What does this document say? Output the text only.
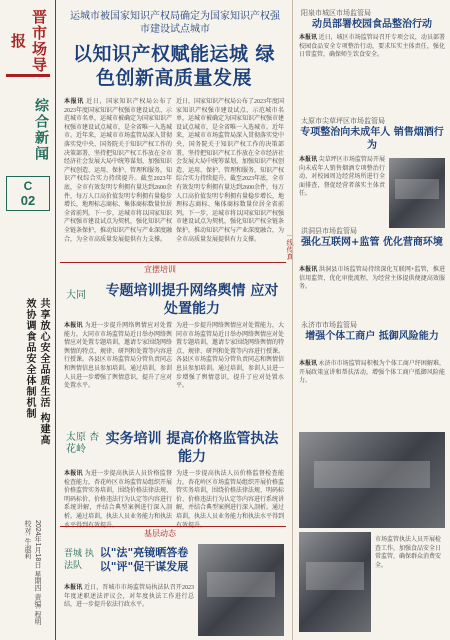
晋市场导报
综合新闻
C
02
共享放心安全品质生活 构建高效协调食品安全体制机制
2024年1月18日 星期四 责编: 程明 校对: 牛淑莉
运城市被国家知识产权局确定为国家知识产权强市建设试点城市
以知识产权赋能运城 绿色创新高质量发展
本报讯 近日，国家知识产权局公布了2023年度国家知识产权强市建设试点、示范城市名单，运城市被确定为国家知识产权强市建设试点城市，是全省唯一入选城市。近年来，运城市市场监管局深入贯彻落实党中央、国务院关于知识产权工作的决策部署，坚持把知识产权工作放在全市经济社会发展大局中统筹谋划，加强知识产权创造、运用、保护、管理和服务，知识产权综合实力持续提升。截至2023年底，全市有效发明专利拥有量达到2600余件，每万人口高价值发明专利拥有量稳步增长，地理标志商标、集体商标数量位居全省前列。下一步，运城市将以国家知识产权强市建设试点为契机，强化知识产权全链条保护，推动知识产权与产业深度融合，为全市高质量发展提供有力支撑。
近日，国家知识产权局公布了2023年度国家知识产权强市建设试点、示范城市名单，运城市被确定为国家知识产权强市建设试点城市，是全省唯一入选城市。近年来，运城市市场监管局深入贯彻落实党中央、国务院关于知识产权工作的决策部署，坚持把知识产权工作放在全市经济社会发展大局中统筹谋划，加强知识产权创造、运用、保护、管理和服务，知识产权综合实力持续提升。截至2023年底，全市有效发明专利拥有量达到2600余件，每万人口高价值发明专利拥有量稳步增长，地理标志商标、集体商标数量位居全省前列。下一步，运城市将以国家知识产权强市建设试点为契机，强化知识产权全链条保护，推动知识产权与产业深度融合，为全市高质量发展提供有力支撑。
大同	专题培训提升网络舆情 应对处置能力
本报讯 为进一步提升网络舆情应对处置能力，大同市市场监管局近日举办网络舆情应对处置专题培训，邀请专家围绕网络舆情的特点、规律、研判和处置等内容进行授课。各县区市场监管局分管负责同志和舆情信息员参加培训。通过培训，参训人员进一步增强了舆情意识，提升了应对处置水平。
为进一步提升网络舆情应对处置能力，大同市市场监管局近日举办网络舆情应对处置专题培训，邀请专家围绕网络舆情的特点、规律、研判和处置等内容进行授课。各县区市场监管局分管负责同志和舆情信息员参加培训。通过培训，参训人员进一步增强了舆情意识，提升了应对处置水平。
太原 杏花岭
实务培训 提高价格监管执法能力
本报讯 为进一步提高执法人员价格监督检查能力，杏花岭区市场监管局组织开展价格监管实务培训，围绕价格法律法规、明码标价、价格违法行为认定等内容进行系统讲解，并结合典型案例进行深入剖析。通过培训，执法人员业务能力和执法水平得到有效提升。
为进一步提高执法人员价格监督检查能力，杏花岭区市场监管局组织开展价格监管实务培训，围绕价格法律法规、明码标价、价格违法行为认定等内容进行系统讲解，并结合典型案例进行深入剖析。通过培训，执法人员业务能力和执法水平得到有效提升。
晋城 执法队
以"法"亮镜晒答卷 以"评"促干谋发展
本报讯 近日，晋城市市场监管局执法队召开2023年度述职述法评议会，对年度执法工作进行总结，进一步提升依法行政水平。
宣摆培训
基层动态
一线传真
阳泉市城区市场监管局
动员部署校园食品整治行动
本报讯 近日，城区市场监管局召开专项会议，动员部署校园食品安全专项整治行动，要求压实主体责任，强化日常监管，确保师生饮食安全。
太原市尖草坪区市场监管局
专项整治向未成年人 销售烟酒行为
本报讯 尖草坪区市场监管局开展向未成年人销售烟酒专项整治行动，对校园周边经营场所进行全面排查，督促经营者落实主体责任。
洪洞县市场监管局
强化互联网+监管 优化营商环境
本报讯 洪洞县市场监管局持续深化互联网+监管，推进信用监管，优化审批流程，为经营主体提供便捷高效服务。
永济市市场监管局
增强个体工商户 抵御风险能力
本报讯 永济市市场监管局积极为个体工商户纾困解难，开展政策宣讲和帮扶活动，增强个体工商户抵御风险能力。
市场监管执法人员开展检查工作，加强食品安全日常监管，确保群众消费安全。
